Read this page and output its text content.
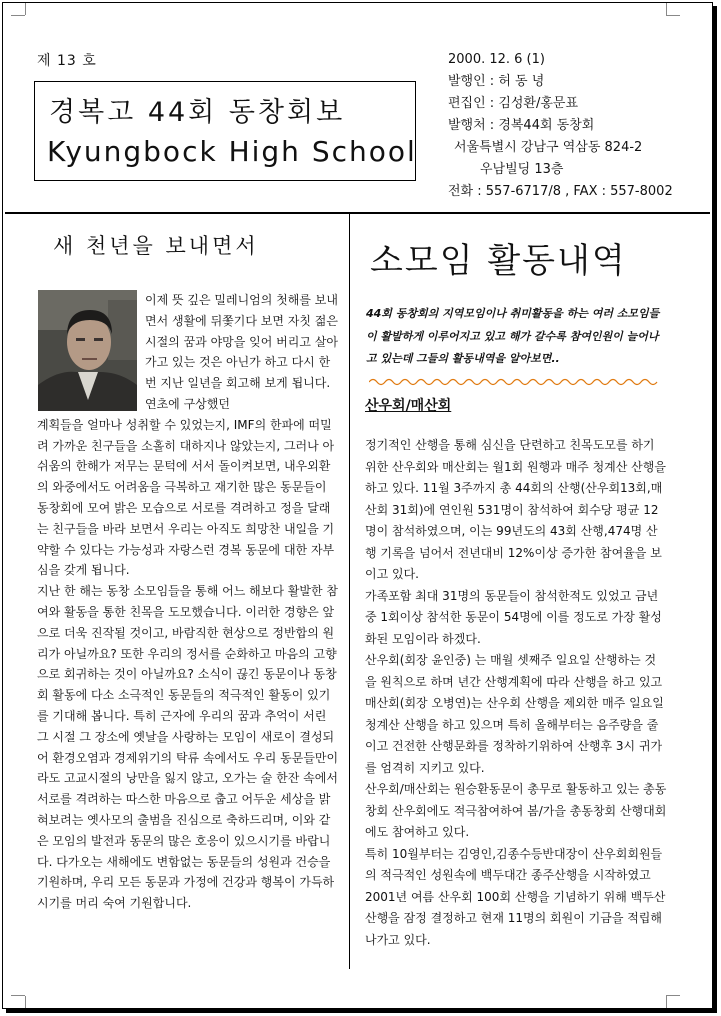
제 13 호
경복고 44회 동창회보
Kyungbock High School
2000. 12. 6 (1)
발행인 : 허 동 녕
편집인 : 김성환/홍문표
발행처 : 경복44회 동창회
서울특별시 강남구 역삼동 824-2
우남빌딩 13층
전화 : 557-6717/8 , FAX : 557-8002
새 천년을 보내면서

이제 뜻 깊은 밀레니엄의 첫해를 보내면서 생활에 뒤쫓기다 보면 자칫 젊은 시절의 꿈과 야망을 잊어 버리고 살아가고 있는 것은 아닌가 하고 다시 한번 지난 일년을 회고해 보게 됩니다. 연초에 구상했던

계획들을 얼마나 성취할 수 있었는지, IMF의 한파에 떠밀려 가까운 친구들을 소홀히 대하지나 않았는지, 그러나 아쉬움의 한해가 저무는 문턱에 서서 돌이켜보면, 내우외환의 와중에서도 어려움을 극복하고 재기한 많은 동문들이 동창회에 모여 밝은 모습으로 서로를 격려하고 정을 달래는 친구들을 바라 보면서 우리는 아직도 희망찬 내일을 기약할 수 있다는 가능성과 자랑스런 경복 동문에 대한 자부심을 갖게 됩니다.

지난 한 해는 동창 소모임들을 통해 어느 해보다 활발한 참여와 활동을 통한 친목을 도모했습니다. 이러한 경향은 앞으로 더욱 진작될 것이고, 바람직한 현상으로 정반합의 원리가 아닐까요? 또한 우리의 정서를 순화하고 마음의 고향으로 회귀하는 것이 아닐까요? 소식이 끊긴 동문이나 동창회 활동에 다소 소극적인 동문들의 적극적인 활동이 있기를 기대해 봅니다. 특히 근자에 우리의 꿈과 추억이 서린 그 시절 그 장소에 옛날을 사랑하는 모임이 새로이 결성되어 환경오염과 경제위기의 탁류 속에서도 우리 동문들만이라도 고교시절의 낭만을 잃지 않고, 오가는 술 한잔 속에서 서로를 격려하는 따스한 마음으로 춥고 어두운 세상을 밝혀보려는 옛사모의 출범을 진심으로 축하드리며, 이와 같은 모임의 발전과 동문의 많은 호응이 있으시기를 바랍니다. 다가오는 새해에도 변함없는 동문들의 성원과 건승을 기원하며, 우리 모든 동문과 가정에 건강과 행복이 가득하시기를 머리 숙여 기원합니다.

소모임 활동내역
44회 동창회의 지역모임이나 취미활동을 하는 여러 소모임들이 활발하게 이루어지고 있고 해가 갈수록 참여인원이 늘어나고 있는데 그들의 활동내역을 알아보면..
산우회/매산회

정기적인 산행을 통해 심신을 단련하고 친목도모를 하기 위한 산우회와 매산회는 월1회 원행과 매주 청계산 산행을 하고 있다. 11월 3주까지 총 44회의 산행(산우회13회,매산회 31회)에 연인원 531명이 참석하여 회수당 평균 12명이 참석하였으며, 이는 99년도의 43회 산행,474명 산행 기록을 넘어서 전년대비 12%이상 증가한 참여율을 보이고 있다.

가족포함 최대 31명의 동문들이 참석한적도 있었고 금년중 1회이상 참석한 동문이 54명에 이를 정도로 가장 활성화된 모임이라 하겠다.

산우회(회장 윤인중) 는 매월 셋째주 일요일 산행하는 것을 원칙으로 하며 년간 산행계획에 따라 산행을 하고 있고 매산회(회장 오병연)는 산우회 산행을 제외한 매주 일요일 청계산 산행을 하고 있으며 특히 올해부터는 음주량을 줄이고 건전한 산행문화를 정착하기위하여 산행후 3시 귀가를 엄격히 지키고 있다.

산우회/매산회는 원승환동문이 총무로 활동하고 있는 총동창회 산우회에도 적극참여하여 봄/가을 총동창회 산행대회에도 참여하고 있다.

특히 10월부터는 김영인,김종수등반대장이 산우회회원들의 적극적인 성원속에 백두대간 종주산행을 시작하였고 2001년 여름 산우회 100회 산행을 기념하기 위해 백두산 산행을 잠정 결정하고 현재 11명의 회원이 기금을 적립해 나가고 있다.
